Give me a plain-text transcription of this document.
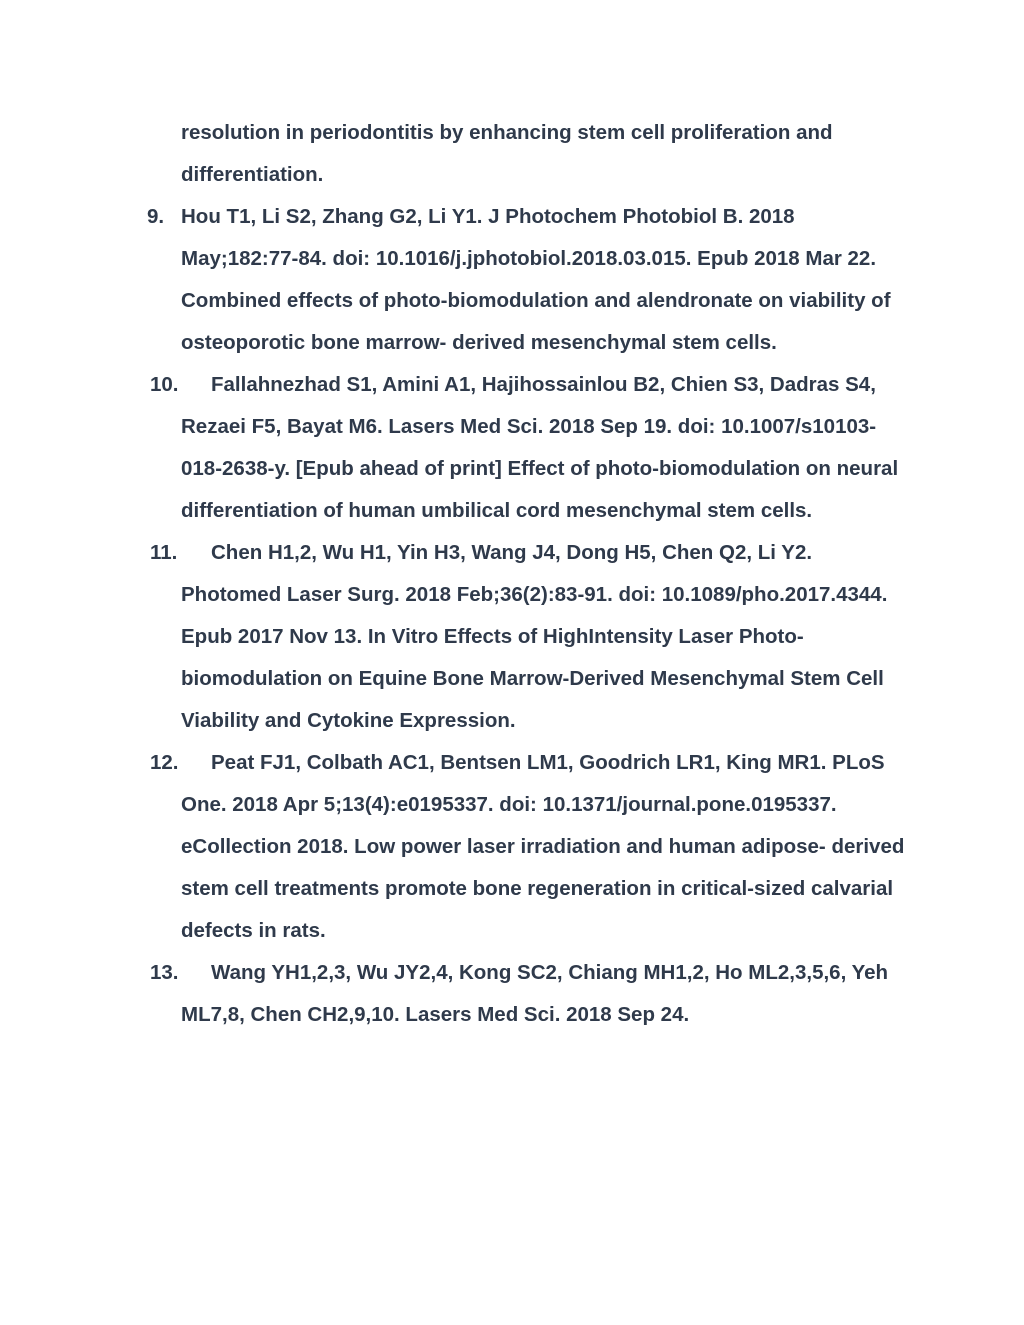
resolution in periodontitis by enhancing stem cell proliferation and differentiation.
9. Hou T1, Li S2, Zhang G2, Li Y1. J Photochem Photobiol B. 2018 May;182:77-84. doi: 10.1016/j.jphotobiol.2018.03.015. Epub 2018 Mar 22. Combined effects of photo-biomodulation and alendronate on viability of osteoporotic bone marrow- derived mesenchymal stem cells.
10. Fallahnezhad S1, Amini A1, Hajihossainlou B2, Chien S3, Dadras S4, Rezaei F5, Bayat M6. Lasers Med Sci. 2018 Sep 19. doi: 10.1007/s10103-018-2638-y. [Epub ahead of print] Effect of photo-biomodulation on neural differentiation of human umbilical cord mesenchymal stem cells.
11. Chen H1,2, Wu H1, Yin H3, Wang J4, Dong H5, Chen Q2, Li Y2. Photomed Laser Surg. 2018 Feb;36(2):83-91. doi: 10.1089/pho.2017.4344. Epub 2017 Nov 13. In Vitro Effects of HighIntensity Laser Photo-biomodulation on Equine Bone Marrow-Derived Mesenchymal Stem Cell Viability and Cytokine Expression.
12. Peat FJ1, Colbath AC1, Bentsen LM1, Goodrich LR1, King MR1. PLoS One. 2018 Apr 5;13(4):e0195337. doi: 10.1371/journal.pone.0195337. eCollection 2018. Low power laser irradiation and human adipose- derived stem cell treatments promote bone regeneration in critical-sized calvarial defects in rats.
13. Wang YH1,2,3, Wu JY2,4, Kong SC2, Chiang MH1,2, Ho ML2,3,5,6, Yeh ML7,8, Chen CH2,9,10. Lasers Med Sci. 2018 Sep 24.
